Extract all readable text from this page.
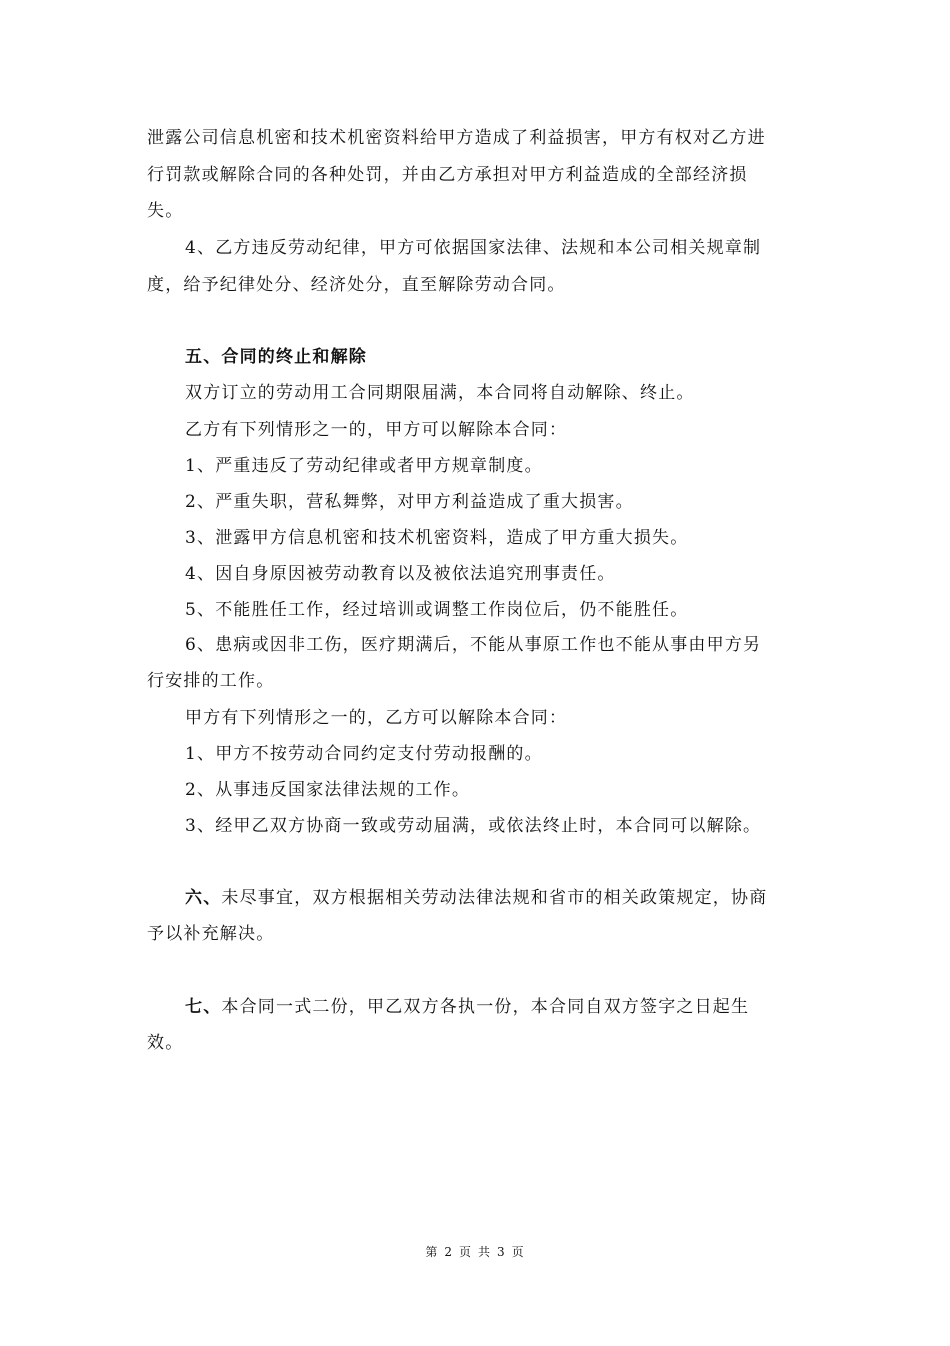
泄露公司信息机密和技术机密资料给甲方造成了利益损害，甲方有权对乙方进
行罚款或解除合同的各种处罚，并由乙方承担对甲方利益造成的全部经济损
失。
4、乙方违反劳动纪律，甲方可依据国家法律、法规和本公司相关规章制
度，给予纪律处分、经济处分，直至解除劳动合同。
五、合同的终止和解除
双方订立的劳动用工合同期限届满，本合同将自动解除、终止。
乙方有下列情形之一的，甲方可以解除本合同：
1、严重违反了劳动纪律或者甲方规章制度。
2、严重失职，营私舞弊，对甲方利益造成了重大损害。
3、泄露甲方信息机密和技术机密资料，造成了甲方重大损失。
4、因自身原因被劳动教育以及被依法追究刑事责任。
5、不能胜任工作，经过培训或调整工作岗位后，仍不能胜任。
6、患病或因非工伤，医疗期满后，不能从事原工作也不能从事由甲方另
行安排的工作。
甲方有下列情形之一的，乙方可以解除本合同：
1、甲方不按劳动合同约定支付劳动报酬的。
2、从事违反国家法律法规的工作。
3、经甲乙双方协商一致或劳动届满，或依法终止时，本合同可以解除。
六、未尽事宜，双方根据相关劳动法律法规和省市的相关政策规定，协商
予以补充解决。
七、本合同一式二份，甲乙双方各执一份，本合同自双方签字之日起生
效。
第 2 页 共 3 页
